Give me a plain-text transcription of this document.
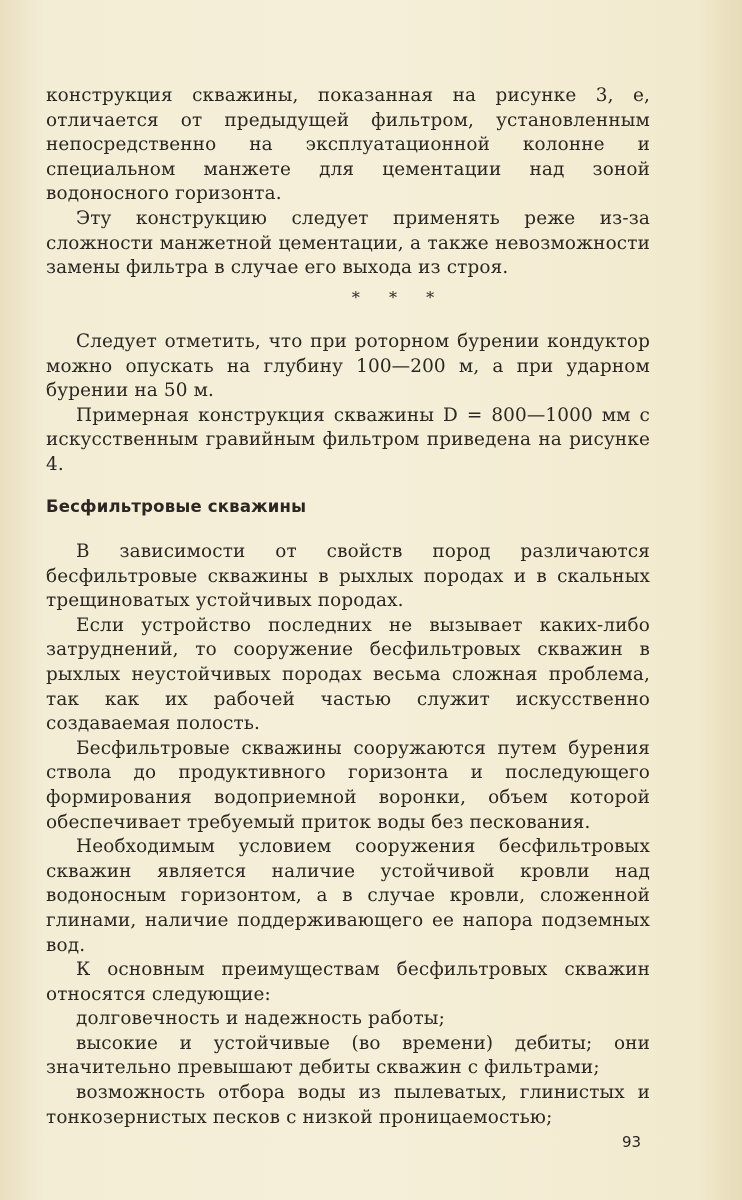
конструкция скважины, показанная на рисунке 3, е, отличается от предыдущей фильтром, установленным непосредственно на эксплуатационной колонне и специальном манжете для цементации над зоной водоносного горизонта.

Эту конструкцию следует применять реже из-за сложности манжетной цементации, а также невозможности замены фильтра в случае его выхода из строя.

* * *

Следует отметить, что при роторном бурении кондуктор можно опускать на глубину 100—200 м, а при ударном бурении на 50 м.

Примерная конструкция скважины D = 800—1000 мм с искусственным гравийным фильтром приведена на рисунке 4.

Бесфильтровые скважины

В зависимости от свойств пород различаются бесфильтровые скважины в рыхлых породах и в скальных трещиноватых устойчивых породах.

Если устройство последних не вызывает каких-либо затруднений, то сооружение бесфильтровых скважин в рыхлых неустойчивых породах весьма сложная проблема, так как их рабочей частью служит искусственно создаваемая полость.

Бесфильтровые скважины сооружаются путем бурения ствола до продуктивного горизонта и последующего формирования водоприемной воронки, объем которой обеспечивает требуемый приток воды без пескования.

Необходимым условием сооружения бесфильтровых скважин является наличие устойчивой кровли над водоносным горизонтом, а в случае кровли, сложенной глинами, наличие поддерживающего ее напора подземных вод.

К основным преимуществам бесфильтровых скважин относятся следующие:

долговечность и надежность работы;

высокие и устойчивые (во времени) дебиты; они значительно превышают дебиты скважин с фильтрами;

возможность отбора воды из пылеватых, глинистых и тонкозернистых песков с низкой проницаемостью;

93
